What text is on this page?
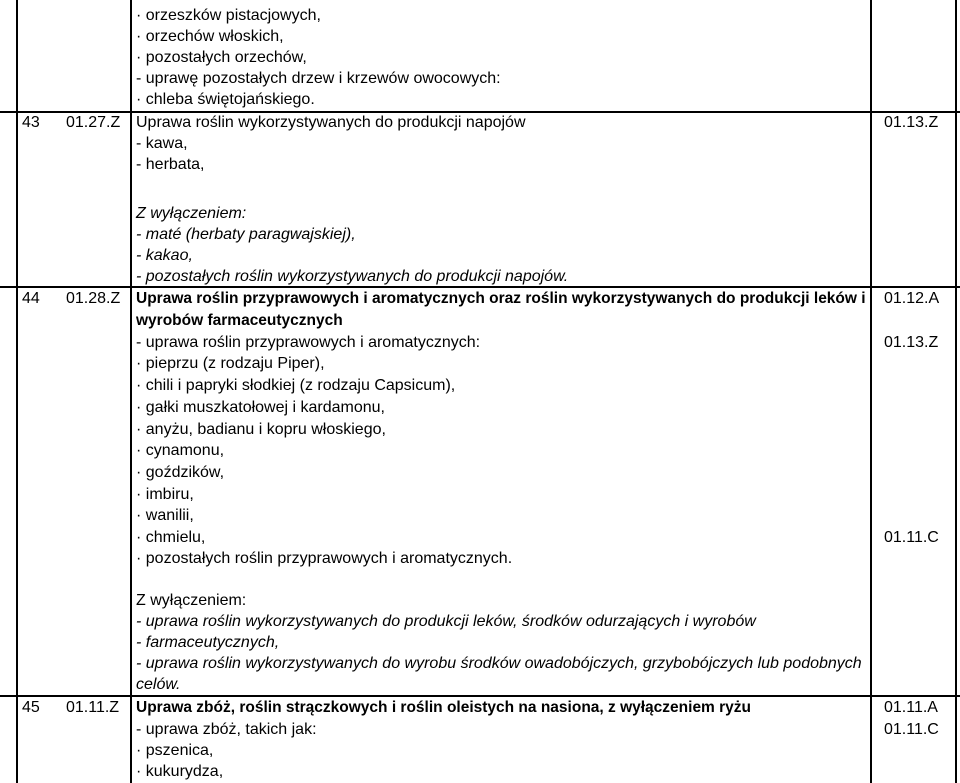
· orzeszków pistacjowych,
· orzechów włoskich,
· pozostałych orzechów,
- uprawę pozostałych drzew i krzewów owocowych:
· chleba świętojańskiego.
43 01.27.Z Uprawa roślin wykorzystywanych do produkcji napojów
- kawa,
- herbata,
Z wyłączeniem:
- maté (herbaty paragwajskiej),
- kakao,
- pozostałych roślin wykorzystywanych do produkcji napojów.
01.13.Z
44 01.28.Z Uprawa roślin przyprawowych i aromatycznych oraz roślin wykorzystywanych do produkcji leków i
wyrobów farmaceutycznych
- uprawa roślin przyprawowych i aromatycznych:
· pieprzu (z rodzaju Piper),
· chili i papryki słodkiej (z rodzaju Capsicum),
· gałki muszkatołowej i kardamonu,
· anyżu, badianu i kopru włoskiego,
· cynamonu,
· goździków,
· imbiru,
· wanilii,
· chmielu,
· pozostałych roślin przyprawowych i aromatycznych.
Z wyłączeniem:
- uprawa roślin wykorzystywanych do produkcji leków, środków odurzających i wyrobów
- farmaceutycznych,
- uprawa roślin wykorzystywanych do wyrobu środków owadobójczych, grzybobójczych lub podobnych
celów.
01.12.A
01.13.Z
01.11.C
45 01.11.Z Uprawa zbóż, roślin strączkowych i roślin oleistych na nasiona, z wyłączeniem ryżu
- uprawa zbóż, takich jak:
· pszenica,
· kukurydza,
01.11.A
01.11.C
